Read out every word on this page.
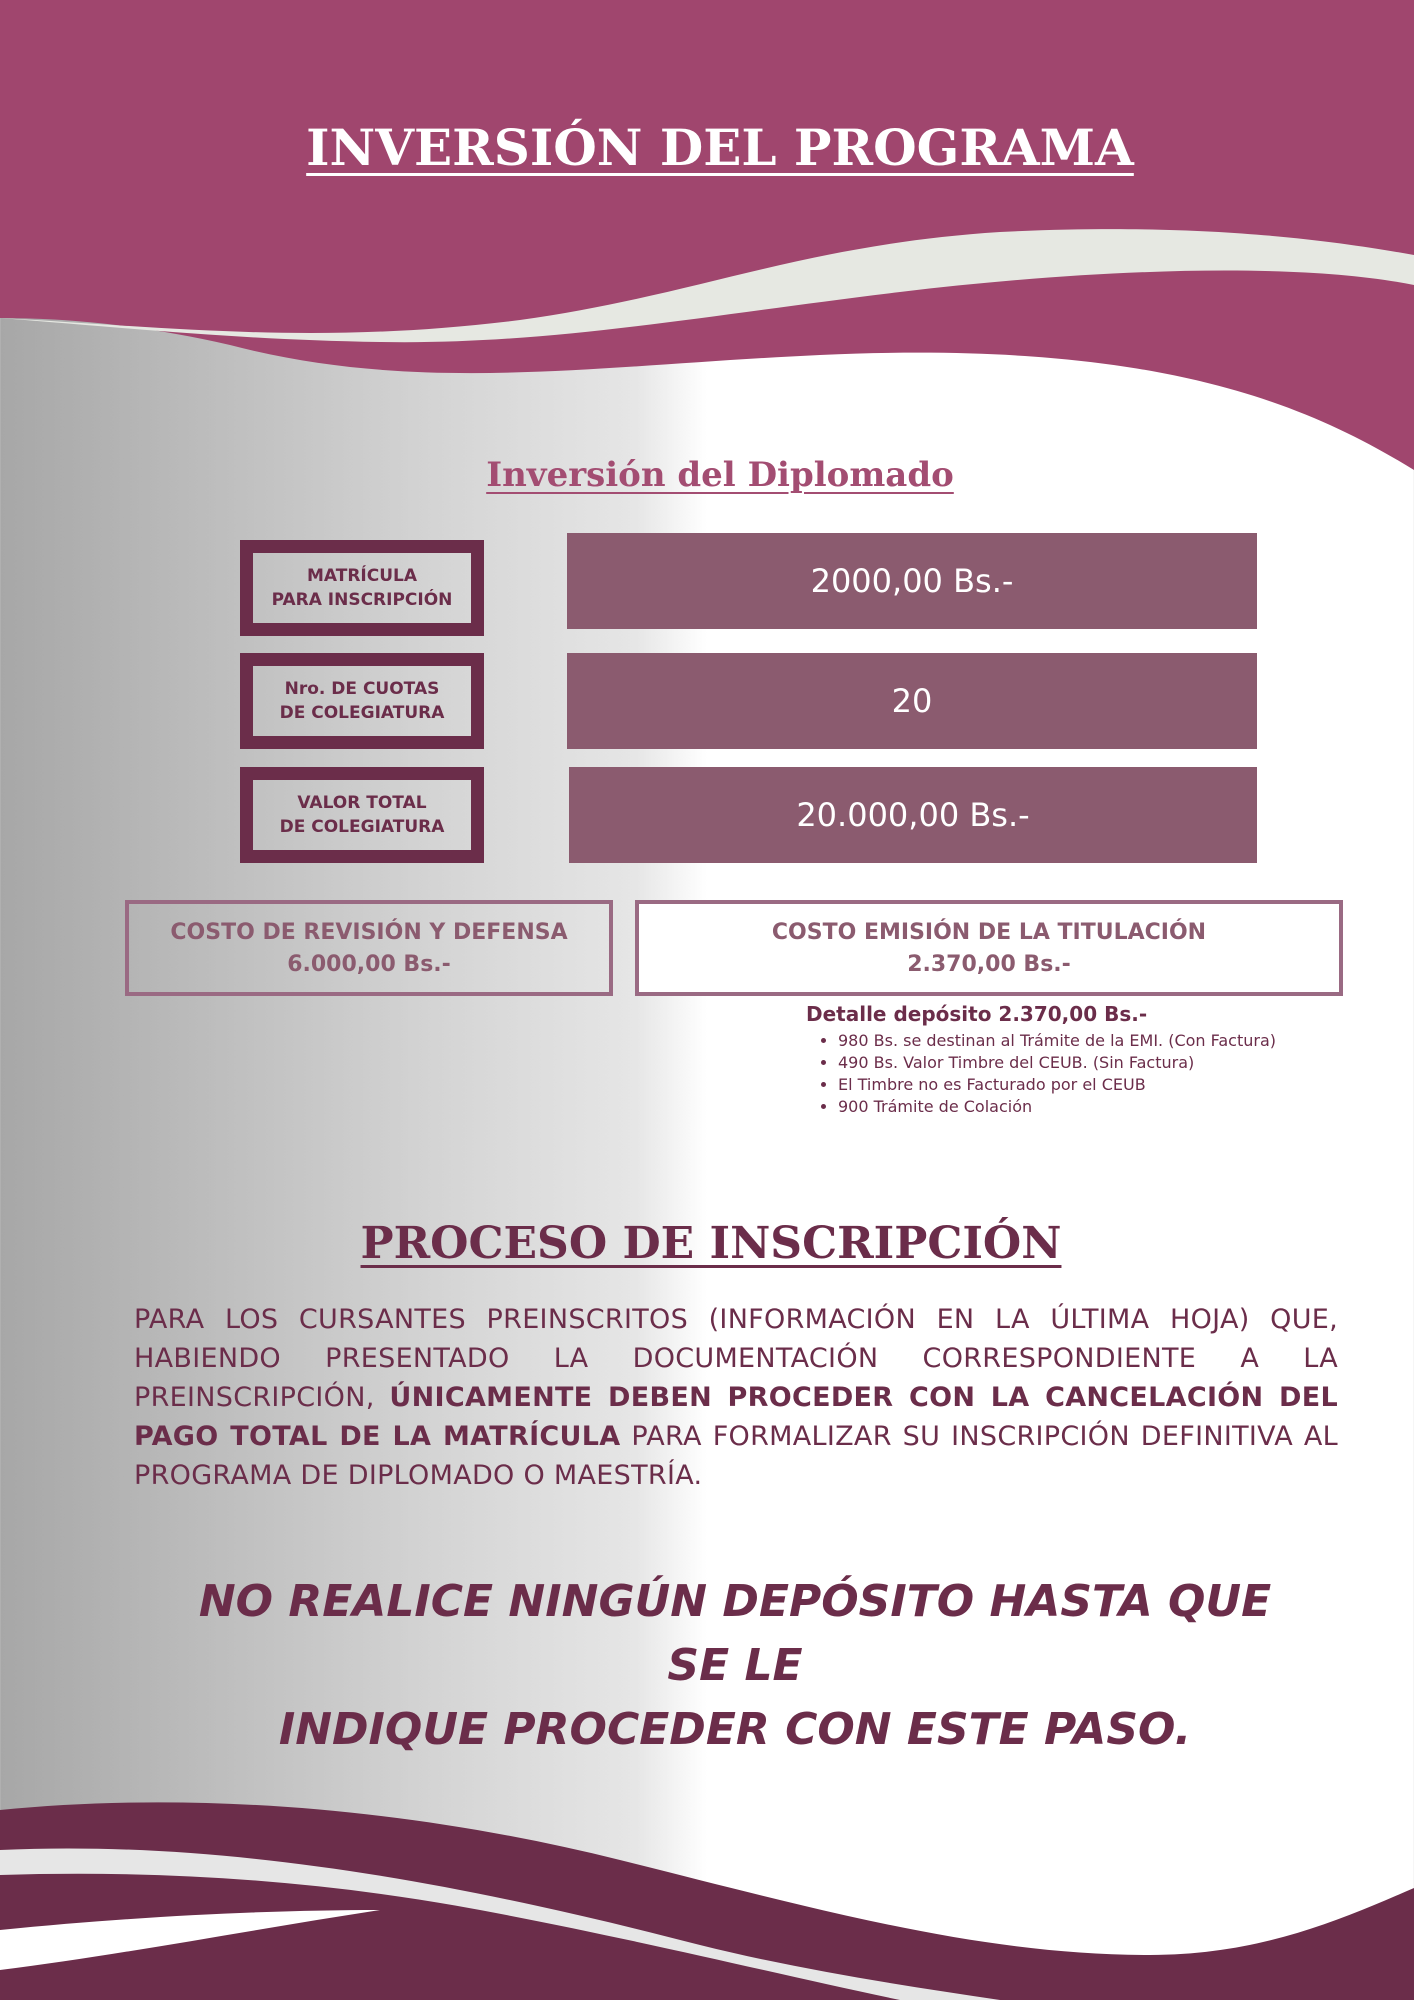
INVERSIÓN DEL PROGRAMA
Inversión del Diplomado
MATRÍCULA
PARA INSCRIPCIÓN	2000,00 Bs.-
Nro. DE CUOTAS
DE COLEGIATURA	20
VALOR TOTAL
DE COLEGIATURA	20.000,00 Bs.-
COSTO DE REVISIÓN Y DEFENSA
6.000,00 Bs.-
COSTO EMISIÓN DE LA TITULACIÓN
2.370,00 Bs.-
Detalle depósito 2.370,00 Bs.-
• 980 Bs. se destinan al Trámite de la EMI. (Con Factura)
• 490 Bs. Valor Timbre del CEUB. (Sin Factura)
• El Timbre no es Facturado por el CEUB
• 900 Trámite de Colación
PROCESO DE INSCRIPCIÓN
PARA LOS CURSANTES PREINSCRITOS (INFORMACIÓN EN LA ÚLTIMA HOJA) QUE, HABIENDO PRESENTADO LA DOCUMENTACIÓN CORRESPONDIENTE A LA PREINSCRIPCIÓN, ÚNICAMENTE DEBEN PROCEDER CON LA CANCELACIÓN DEL PAGO TOTAL DE LA MATRÍCULA PARA FORMALIZAR SU INSCRIPCIÓN DEFINITIVA AL PROGRAMA DE DIPLOMADO O MAESTRÍA.
NO REALICE NINGÚN DEPÓSITO HASTA QUE SE LE
INDIQUE PROCEDER CON ESTE PASO.
